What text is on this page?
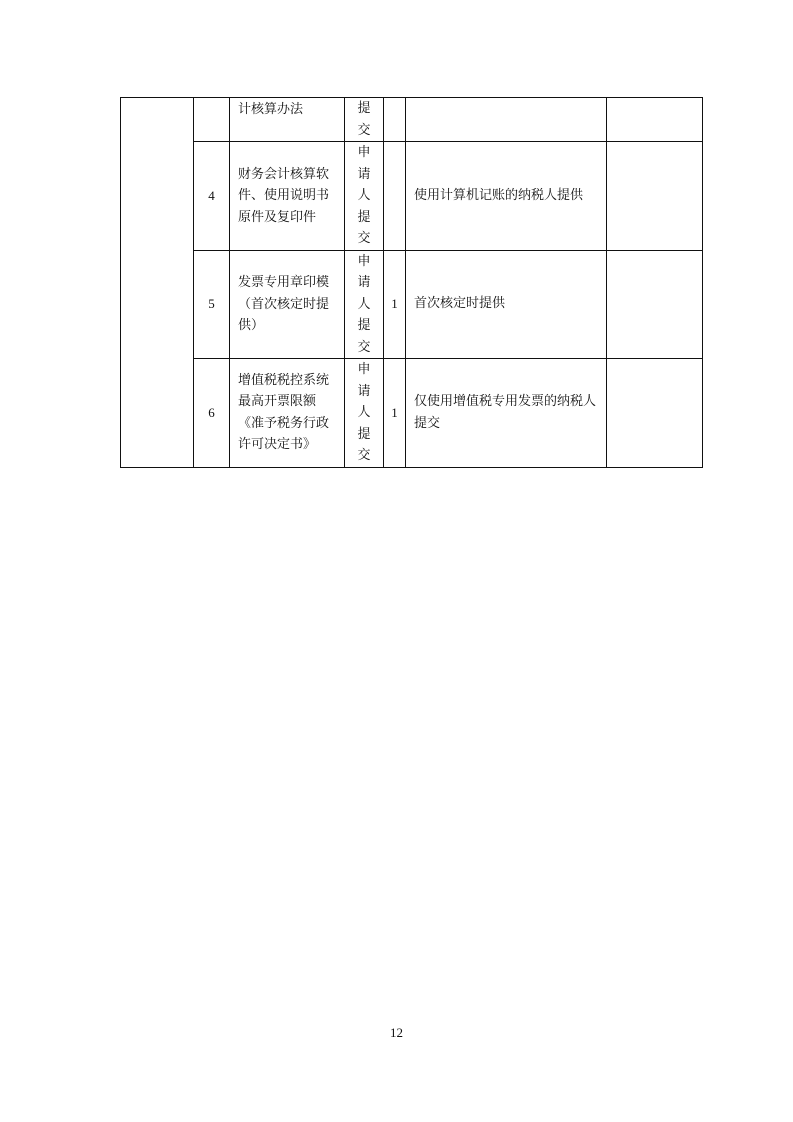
		计核算办法	提
交			

	4	财务会计核算软件、使用说明书原件及复印件	申
请
人
提
交		使用计算机记账的纳税人提供	
	5	发票专用章印模（首次核定时提供）	申
请
人
提
交	1	首次核定时提供	
	6	增值税税控系统最高开票限额《准予税务行政许可决定书》	申
请
人
提
交	1	仅使用增值税专用发票的纳税人提交	
12
